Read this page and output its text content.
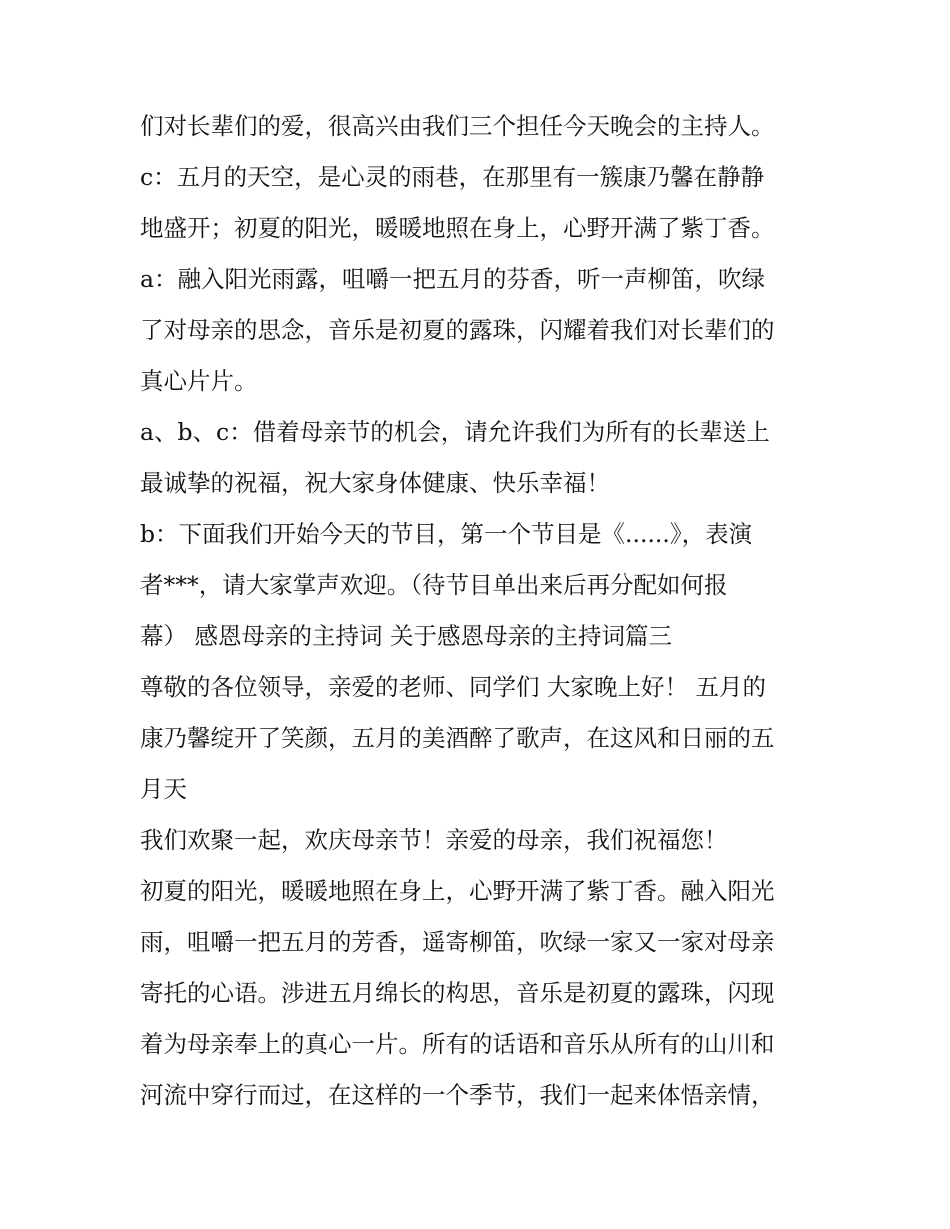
们对长辈们的爱，很高兴由我们三个担任今天晚会的主持人。
c：五月的天空，是心灵的雨巷，在那里有一簇康乃馨在静静
地盛开；初夏的阳光，暖暖地照在身上，心野开满了紫丁香。
a：融入阳光雨露，咀嚼一把五月的芬香，听一声柳笛，吹绿
了对母亲的思念，音乐是初夏的露珠，闪耀着我们对长辈们的
真心片片。
a、b、c：借着母亲节的机会，请允许我们为所有的长辈送上
最诚挚的祝福，祝大家身体健康、快乐幸福！
b：下面我们开始今天的节目，第一个节目是《......》，表演
者***，请大家掌声欢迎。（待节目单出来后再分配如何报
幕） 感恩母亲的主持词 关于感恩母亲的主持词篇三
尊敬的各位领导，亲爱的老师、同学们 大家晚上好！ 五月的
康乃馨绽开了笑颜，五月的美酒醉了歌声，在这风和日丽的五
月天
我们欢聚一起，欢庆母亲节！亲爱的母亲，我们祝福您！
初夏的阳光，暖暖地照在身上，心野开满了紫丁香。融入阳光
雨，咀嚼一把五月的芳香，遥寄柳笛，吹绿一家又一家对母亲
寄托的心语。涉进五月绵长的构思，音乐是初夏的露珠，闪现
着为母亲奉上的真心一片。所有的话语和音乐从所有的山川和
河流中穿行而过，在这样的一个季节，我们一起来体悟亲情，
